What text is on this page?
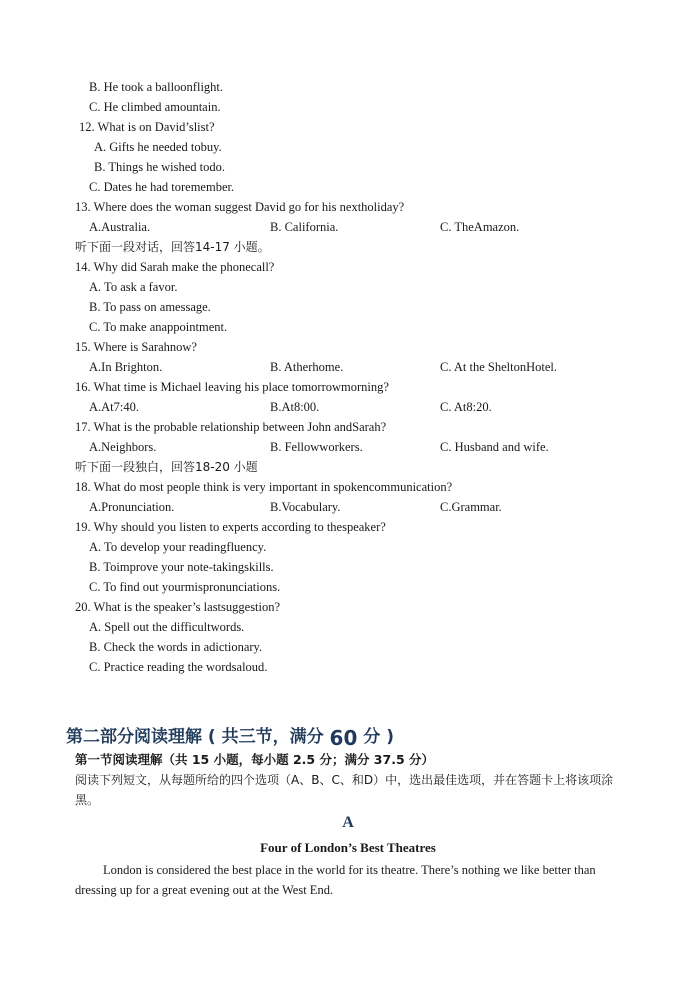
B. He took a balloonflight.
C. He climbed amountain.
12. What is on David’slist?
A. Gifts he needed tobuy.
B. Things he wished todo.
C. Dates he had toremember.
13. Where does the woman suggest David go for his nextholiday?
A.Australia.	B. California.	C. TheAmazon.
听下面一段对话，回答14-17 小题。
14. Why did Sarah make the phonecall?
A. To ask a favor.
B. To pass on amessage.
C. To make anappointment.
15. Where is Sarahnow?
A.In Brighton.	B. Atherhome.	C. At the SheltonHotel.
16. What time is Michael leaving his place tomorrowmorning?
A.At7:40.	B.At8:00.	C. At8:20.
17. What is the probable relationship between John andSarah?
A.Neighbors.	B. Fellowworkers.	C. Husband and wife.
听下面一段独白，回答18-20 小题
18. What do most people think is very important in spokencommunication?
A.Pronunciation.	B.Vocabulary.	C.Grammar.
19. Why should you listen to experts according to thespeaker?
A. To develop your readingfluency.
B. Toimprove your note-takingskills.
C. To find out yourmispronunciations.
20. What is the speaker’s lastsuggestion?
A. Spell out the difficultwords.
B. Check the words in adictionary.
C. Practice reading the wordsaloud.
第二部分阅读理解 ( 共三节，满分 60 分 )
第一节阅读理解（共 15 小题，每小题 2.5 分；满分 37.5 分）
阅读下列短文，从每题所给的四个选项（A、B、C、和D）中，选出最佳选项，并在答题卡上将该项涂黑。
A
Four of London’s Best Theatres
London is considered the best place in the world for its theatre. There’s nothing we like better than dressing up for a great evening out at the West End.
